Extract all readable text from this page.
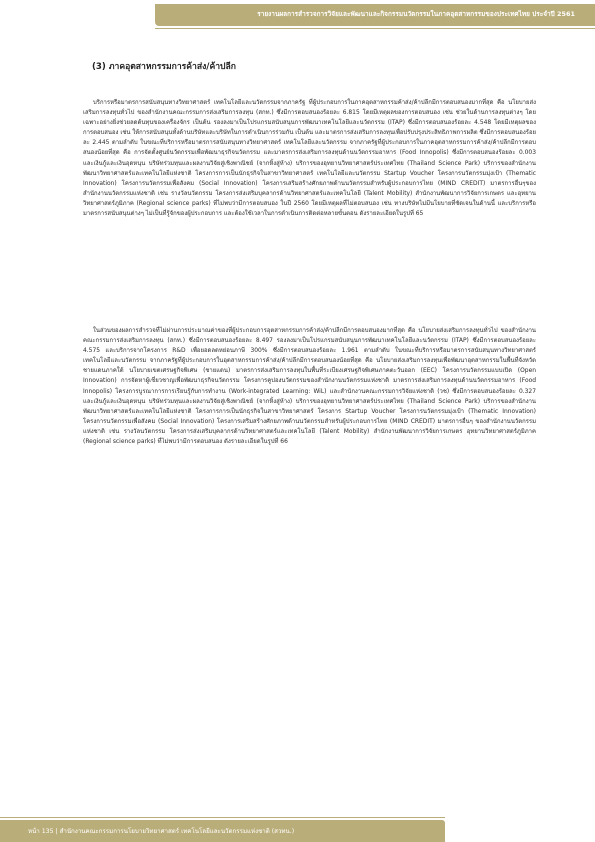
รายงานผลการสำรวจการวิจัยและพัฒนาและกิจกรรมนวัตกรรมในภาคอุตสาหกรรมของประเทศไทย ประจำปี 2561
(3) ภาคอุตสาหกรรมการค้าส่ง/ค้าปลีก

บริการหรือมาตรการสนับสนุนทางวิทยาศาสตร์ เทคโนโลยีและนวัตกรรมจากภาครัฐ ที่ผู้ประกอบการในภาคอุตสาหกรรมค้าส่ง/ค้าปลีกมีการตอบสนองมากที่สุด คือ นโยบายส่งเสริมการลงทุนทั่วไป ของสำนักงานคณะกรรมการส่งเสริมการลงทุน (สกท.) ซึ่งมีการตอบสนองร้อยละ 6.815 โดยมีเหตุผลของการตอบสนอง เช่น ช่วยในด้านการลงทุนต่างๆ โดยเฉพาะอย่างยิ่งช่วยลดต้นทุนของเครื่องจักร เป็นต้น รองลงมาเป็นโปรแกรมสนับสนุนการพัฒนาเทคโนโลยีและนวัตกรรม (ITAP) ซึ่งมีการตอบสนองร้อยละ 4.548 โดยมีเหตุผลของการตอบสนอง เช่น ให้การสนับสนุนทั้งด้านบริษัทและบริษัทในการดำเนินการร่วมกัน เป็นต้น และมาตรการส่งเสริมการลงทุนเพื่อปรับปรุงประสิทธิภาพการผลิต ซึ่งมีการตอบสนองร้อยละ 2.445 ตามลำดับ ในขณะที่บริการหรือมาตรการสนับสนุนทางวิทยาศาสตร์ เทคโนโลยีและนวัตกรรม จากภาครัฐที่ผู้ประกอบการในภาคอุตสาหกรรมการค้าส่ง/ค้าปลีกมีการตอบสนองน้อยที่สุด คือ การจัดตั้งศูนย์นวัตกรรมเพื่อพัฒนาธุรกิจนวัตกรรม และมาตรการส่งเสริมการลงทุนด้านนวัตกรรมอาหาร (Food Innopolis) ซึ่งมีการตอบสนองร้อยละ 0.003 และเงินกู้และเงินอุดหนุน บริษัทร่วมทุนและผลงานวิจัยสู่เชิงพาณิชย์ (จากหิ้งสู่ห้าง) บริการของอุทยานวิทยาศาสตร์ประเทศไทย (Thailand Science Park) บริการของสำนักงานพัฒนาวิทยาศาสตร์และเทคโนโลยีแห่งชาติ โครงการการเป็นนักธุรกิจในสาขาวิทยาศาสตร์ เทคโนโลยีและนวัตกรรม Startup Voucher โครงการนวัตกรรมมุ่งเป้า (Thematic Innovation) โครงการนวัตกรรมเพื่อสังคม (Social Innovation) โครงการเสริมสร้างศักยภาพด้านนวัตกรรมสำหรับผู้ประกอบการไทย (MIND CREDIT) มาตรการอื่นๆของสำนักงานนวัตกรรมแห่งชาติ เช่น รางวัลนวัตกรรม โครงการส่งเสริมบุคลากรด้านวิทยาศาสตร์และเทคโนโลยี (Talent Mobility) สำนักงานพัฒนาการวิจัยการเกษตร และอุทยานวิทยาศาสตร์ภูมิภาค (Regional science parks) ที่ไม่พบว่ามีการตอบสนอง ในปี 2560 โดยมีเหตุผลที่ไม่ตอบสนอง เช่น ทางบริษัทไม่มีนโยบายที่ชัดเจนในด้านนี้ และบริการหรือมาตรการสนับสนุนต่างๆ ไม่เป็นที่รู้จักของผู้ประกอบการ และต้องใช้เวลาในการดำเนินการติดต่อหลายขั้นตอน ดังรายละเอียดในรูปที่ 65

ในส่วนของผลการสำรวจที่ไม่ผ่านการประมาณค่าของที่ผู้ประกอบการอุตสาหกรรมการค้าส่ง/ค้าปลีกมีการตอบสนองมากที่สุด คือ นโยบายส่งเสริมการลงทุนทั่วไป ของสำนักงานคณะกรรมการส่งเสริมการลงทุน (สกท.) ซึ่งมีการตอบสนองร้อยละ 8.497 รองลงมาเป็นโปรแกรมสนับสนุนการพัฒนาเทคโนโลยีและนวัตกรรม (ITAP) ซึ่งมีการตอบสนองร้อยละ 4.575 และบริการจากโครงการ R&D เพื่อยอดลดหย่อนภาษี 300% ซึ่งมีการตอบสนองร้อยละ 1.961 ตามลำดับ ในขณะที่บริการหรือมาตรการสนับสนุนทางวิทยาศาสตร์ เทคโนโลยีและนวัตกรรม จากภาครัฐที่ผู้ประกอบการในอุตสาหกรรมการค้าส่ง/ค้าปลีกมีการตอบสนองน้อยที่สุด คือ นโยบายส่งเสริมการลงทุนเพื่อพัฒนาอุตสาหกรรมในพื้นที่จังหวัดชายแดนภาคใต้ นโยบายเขตเศรษฐกิจพิเศษ (ชายแดน) มาตรการส่งเสริมการลงทุนในพื้นที่ระเบียงเศรษฐกิจพิเศษภาคตะวันออก (EEC) โครงการนวัตกรรมแบบเปิด (Open Innovation) การจัดหาผู้เชี่ยวชาญเพื่อพัฒนาธุรกิจนวัตกรรม โครงการคูปองนวัตกรรมของสำนักงานนวัตกรรมแห่งชาติ มาตรการส่งเสริมการลงทุนด้านนวัตกรรมอาหาร (Food Innopolis) โครงการบูรณาการการเรียนรู้กับการทำงาน (Work-integrated Learning: WiL) และสำนักงานคณะกรรมการวิจัยแห่งชาติ (วช) ซึ่งมีการตอบสนองร้อยละ 0.327 และเงินกู้และเงินอุดหนุน บริษัทร่วมทุนและผลงานวิจัยสู่เชิงพาณิชย์ (จากหิ้งสู่ห้าง) บริการของอุทยานวิทยาศาสตร์ประเทศไทย (Thailand Science Park) บริการของสำนักงานพัฒนาวิทยาศาสตร์และเทคโนโลยีแห่งชาติ โครงการการเป็นนักธุรกิจในสาขาวิทยาศาสตร์ โครงการ Startup Voucher โครงการนวัตกรรมมุ่งเป้า (Thematic Innovation) โครงการนวัตกรรมเพื่อสังคม (Social Innovation) โครงการเสริมสร้างศักยภาพด้านนวัตกรรมสำหรับผู้ประกอบการไทย (MIND CREDIT) มาตรการอื่นๆ ของสำนักงานนวัตกรรมแห่งชาติ เช่น รางวัลนวัตกรรม โครงการส่งเสริมบุคลากรด้านวิทยาศาสตร์และเทคโนโลยี (Talent Mobility) สำนักงานพัฒนาการวิจัยการเกษตร อุทยานวิทยาศาสตร์ภูมิภาค (Regional science parks) ที่ไม่พบว่ามีการตอบสนอง ดังรายละเอียดในรูปที่ 66

หน้า 135 | สำนักงานคณะกรรมการนโยบายวิทยาศาสตร์ เทคโนโลยีและนวัตกรรมแห่งชาติ (สวทน.)
